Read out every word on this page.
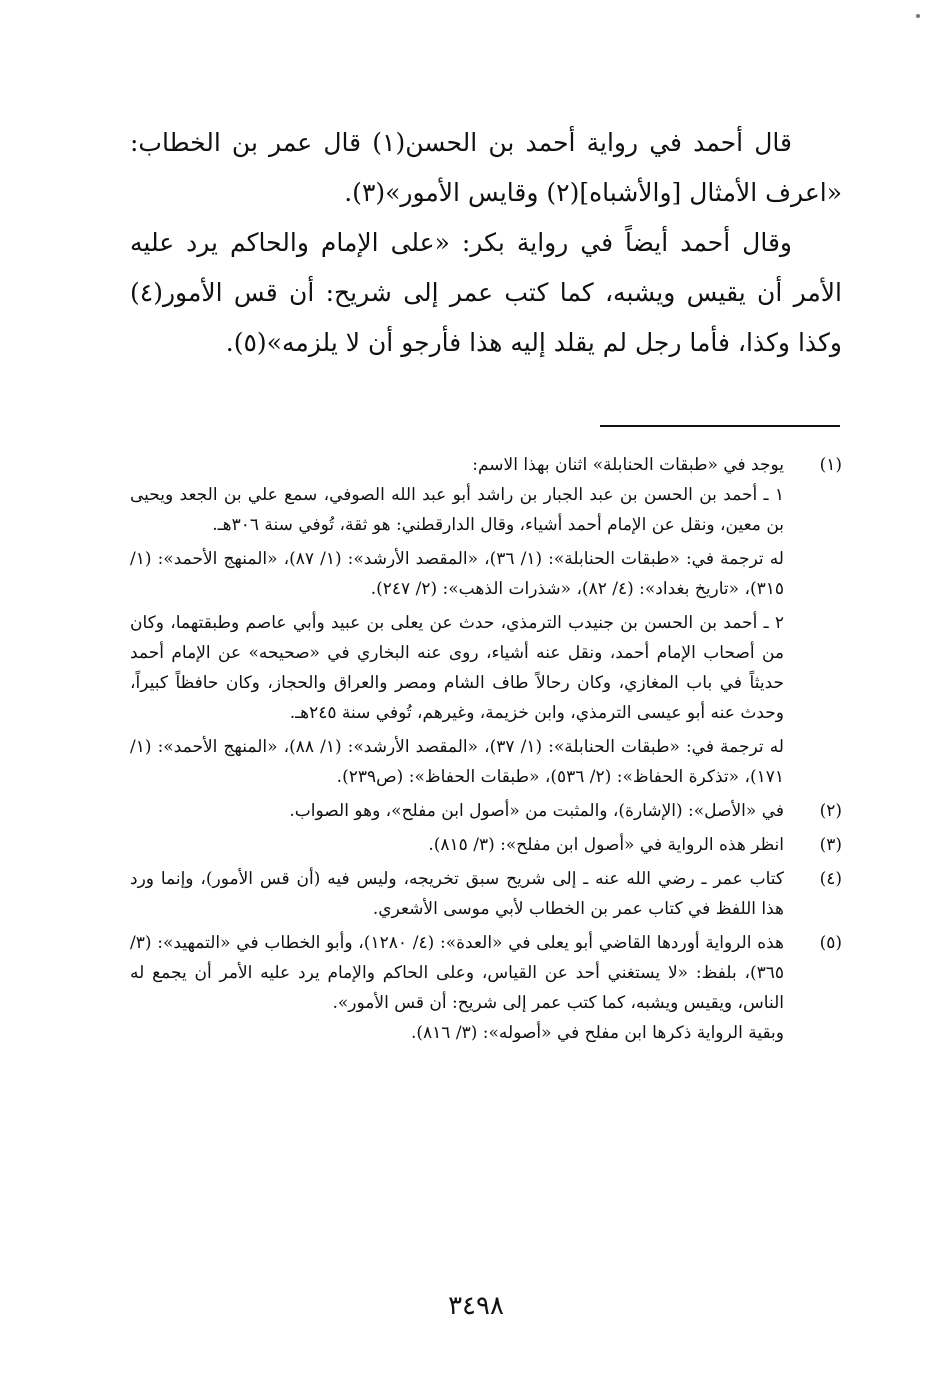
قال أحمد في رواية أحمد بن الحسن(١) قال عمر بن الخطاب: «اعرف الأمثال [والأشباه](٢) وقايس الأمور»(٣).

وقال أحمد أيضاً في رواية بكر: «على الإمام والحاكم يرد عليه الأمر أن يقيس ويشبه، كما كتب عمر إلى شريح: أن قس الأمور(٤) وكذا وكذا، فأما رجل لم يقلد إليه هذا فأرجو أن لا يلزمه»(٥).

(١)

يوجد في «طبقات الحنابلة» اثنان بهذا الاسم:

١ ـ أحمد بن الحسن بن عبد الجبار بن راشد أبو عبد الله الصوفي، سمع علي بن الجعد ويحيى بن معين، ونقل عن الإمام أحمد أشياء، وقال الدارقطني: هو ثقة، تُوفي سنة ٣٠٦هـ.

له ترجمة في: «طبقات الحنابلة»: (١/ ٣٦)، «المقصد الأرشد»: (١/ ٨٧)، «المنهج الأحمد»: (١/ ٣١٥)، «تاريخ بغداد»: (٤/ ٨٢)، «شذرات الذهب»: (٢/ ٢٤٧).

٢ ـ أحمد بن الحسن بن جنيدب الترمذي، حدث عن يعلى بن عبيد وأبي عاصم وطبقتهما، وكان من أصحاب الإمام أحمد، ونقل عنه أشياء، روى عنه البخاري في «صحيحه» عن الإمام أحمد حديثاً في باب المغازي، وكان رحالاً طاف الشام ومصر والعراق والحجاز، وكان حافظاً كبيراً، وحدث عنه أبو عيسى الترمذي، وابن خزيمة، وغيرهم، تُوفي سنة ٢٤٥هـ.

له ترجمة في: «طبقات الحنابلة»: (١/ ٣٧)، «المقصد الأرشد»: (١/ ٨٨)، «المنهج الأحمد»: (١/ ١٧١)، «تذكرة الحفاظ»: (٢/ ٥٣٦)، «طبقات الحفاظ»: (ص٢٣٩).

(٢)

في «الأصل»: (الإشارة)، والمثبت من «أصول ابن مفلح»، وهو الصواب.

(٣)

انظر هذه الرواية في «أصول ابن مفلح»: (٣/ ٨١٥).

(٤)

كتاب عمر ـ رضي الله عنه ـ إلى شريح سبق تخريجه، وليس فيه (أن قس الأمور)، وإنما ورد هذا اللفظ في كتاب عمر بن الخطاب لأبي موسى الأشعري.

(٥)

هذه الرواية أوردها القاضي أبو يعلى في «العدة»: (٤/ ١٢٨٠)، وأبو الخطاب في «التمهيد»: (٣/ ٣٦٥)، بلفظ: «لا يستغني أحد عن القياس، وعلى الحاكم والإمام يرد عليه الأمر أن يجمع له الناس، ويقيس ويشبه، كما كتب عمر إلى شريح: أن قس الأمور».

وبقية الرواية ذكرها ابن مفلح في «أصوله»: (٣/ ٨١٦).

٣٤٩٨
